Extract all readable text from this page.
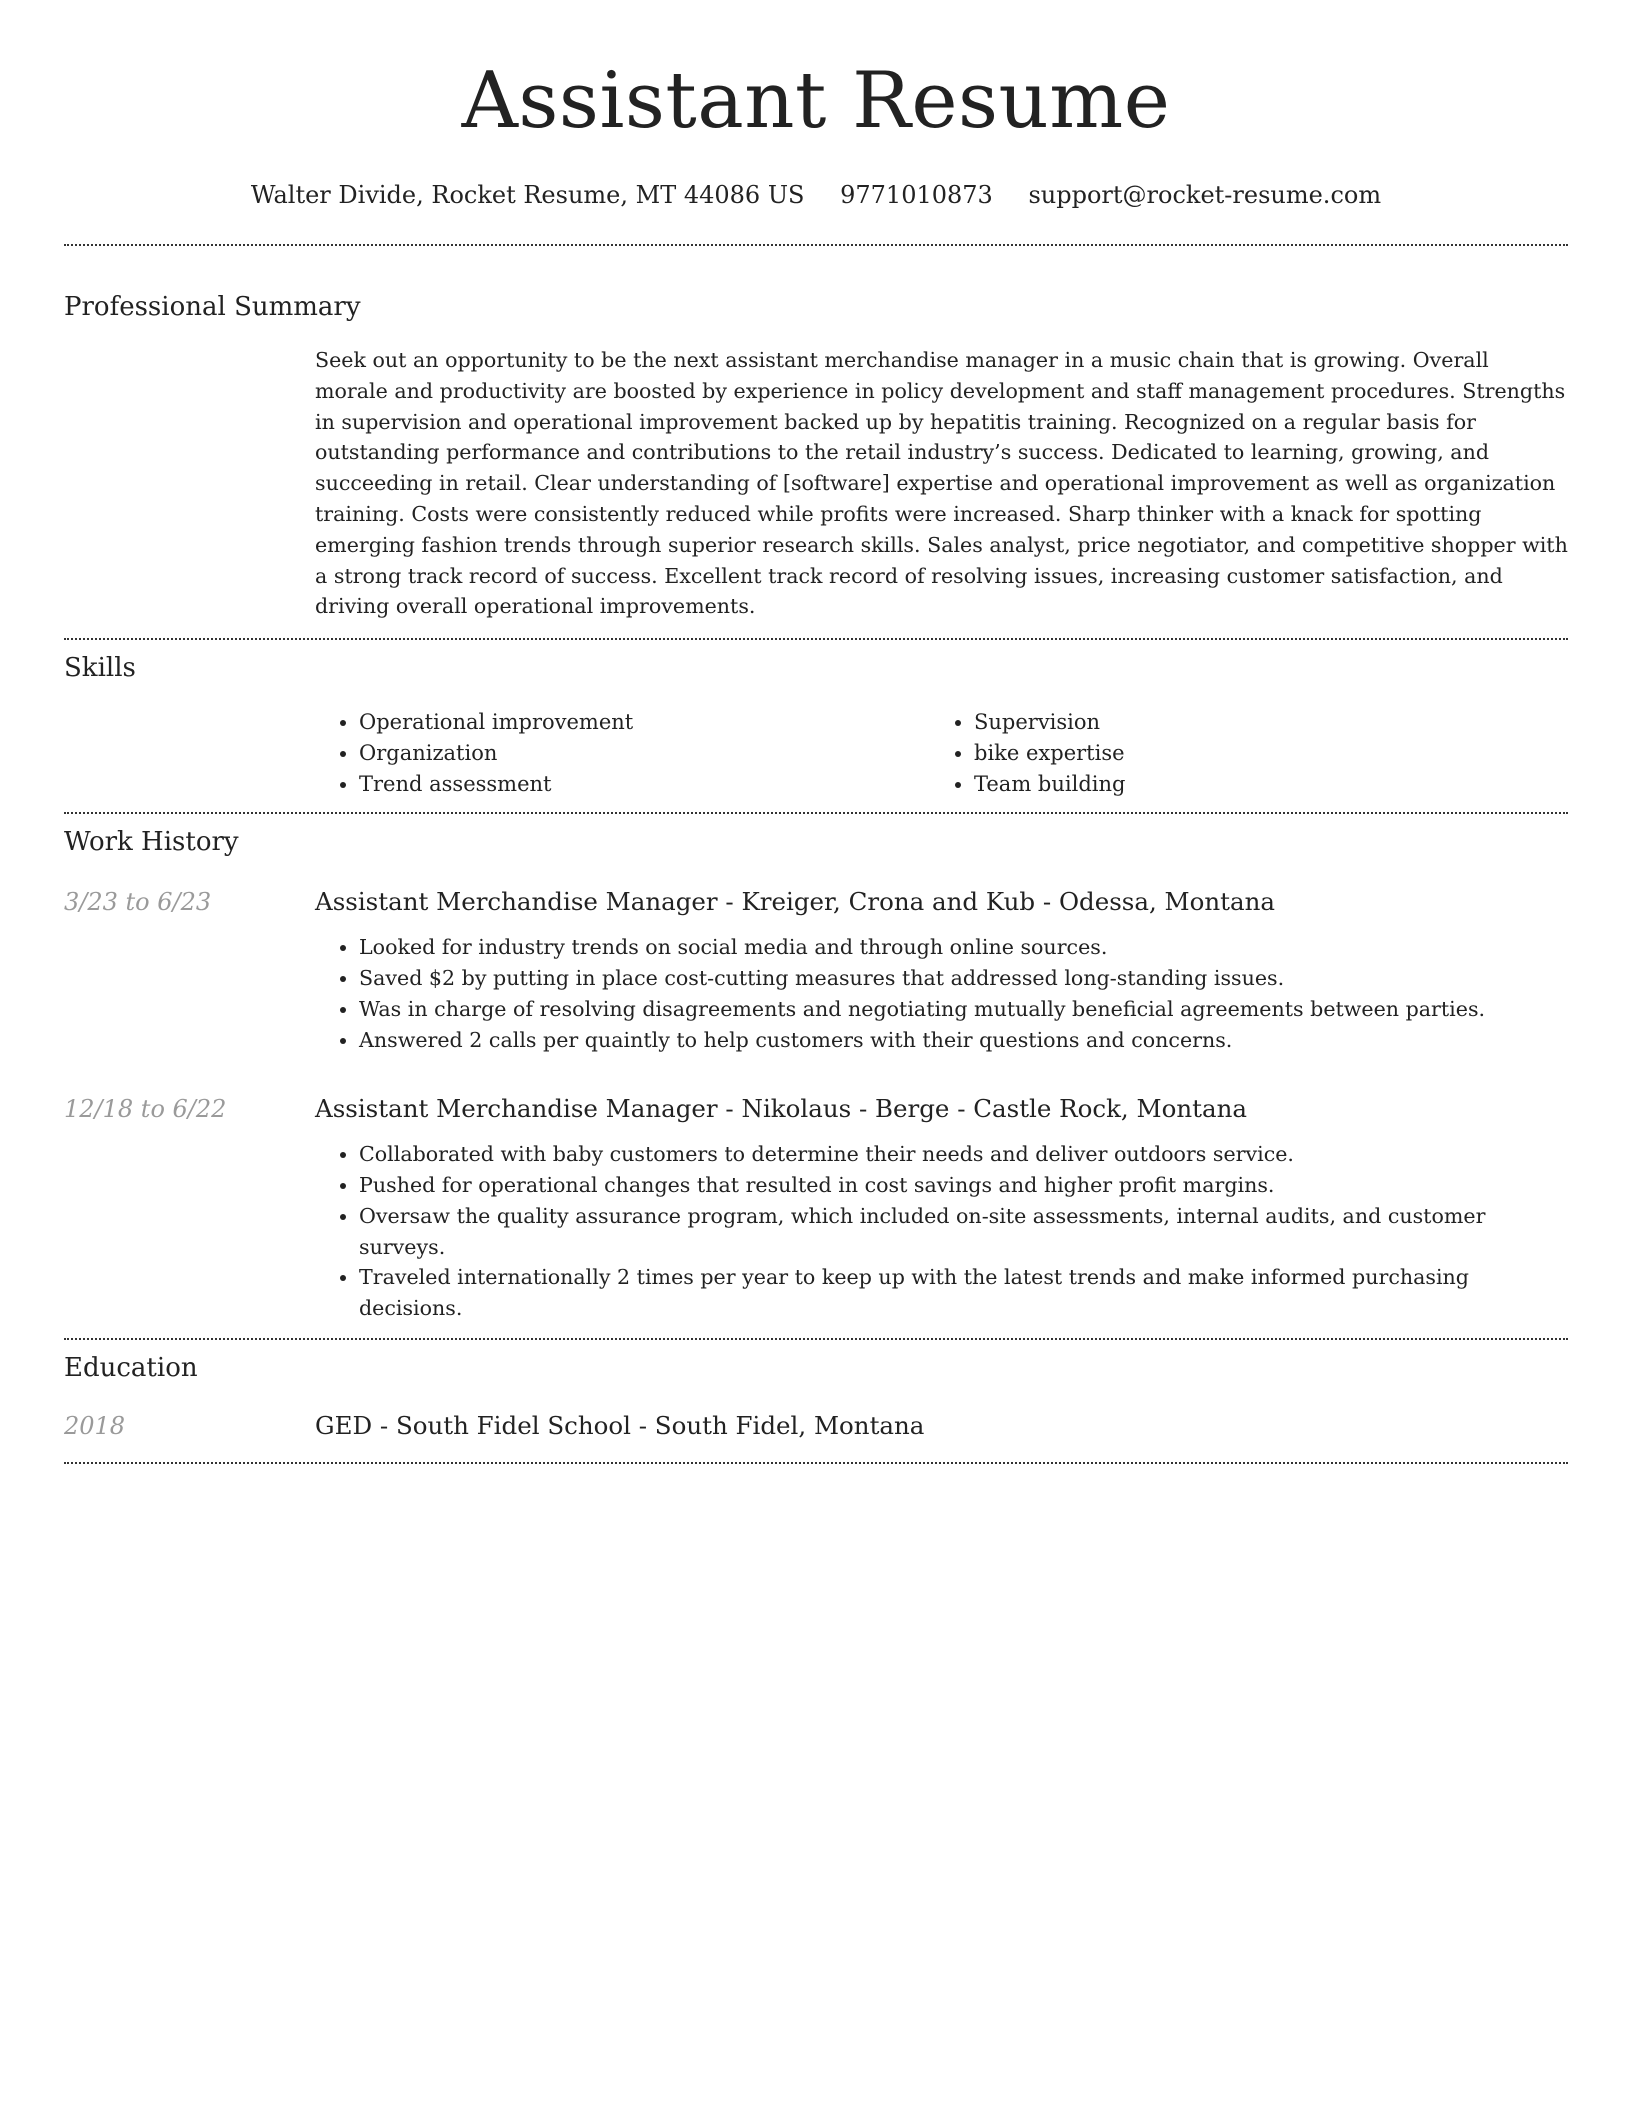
Assistant Resume
Walter Divide, Rocket Resume, MT 44086 US 9771010873 support@rocket-resume.com
Professional Summary

Seek out an opportunity to be the next assistant merchandise manager in a music chain that is growing. Overall morale and productivity are boosted by experience in policy development and staff management procedures. Strengths in supervision and operational improvement backed up by hepatitis training. Recognized on a regular basis for outstanding performance and contributions to the retail industry’s success. Dedicated to learning, growing, and succeeding in retail. Clear understanding of [software] expertise and operational improvement as well as organization training. Costs were consistently reduced while profits were increased. Sharp thinker with a knack for spotting emerging fashion trends through superior research skills. Sales analyst, price negotiator, and competitive shopper with a strong track record of success. Excellent track record of resolving issues, increasing customer satisfaction, and driving overall operational improvements.

Skills
• Operational improvement
• Organization
• Trend assessment
• Supervision
• bike expertise
• Team building
Work History
3/23 to 6/23	Assistant Merchandise Manager - Kreiger, Crona and Kub - Odessa, Montana
• Looked for industry trends on social media and through online sources.
• Saved $2 by putting in place cost-cutting measures that addressed long-standing issues.
• Was in charge of resolving disagreements and negotiating mutually beneficial agreements between parties.
• Answered 2 calls per quaintly to help customers with their questions and concerns.
12/18 to 6/22	Assistant Merchandise Manager - Nikolaus - Berge - Castle Rock, Montana
• Collaborated with baby customers to determine their needs and deliver outdoors service.
• Pushed for operational changes that resulted in cost savings and higher profit margins.
• Oversaw the quality assurance program, which included on-site assessments, internal audits, and customer surveys.
• Traveled internationally 2 times per year to keep up with the latest trends and make informed purchasing decisions.
Education
2018	GED - South Fidel School - South Fidel, Montana
